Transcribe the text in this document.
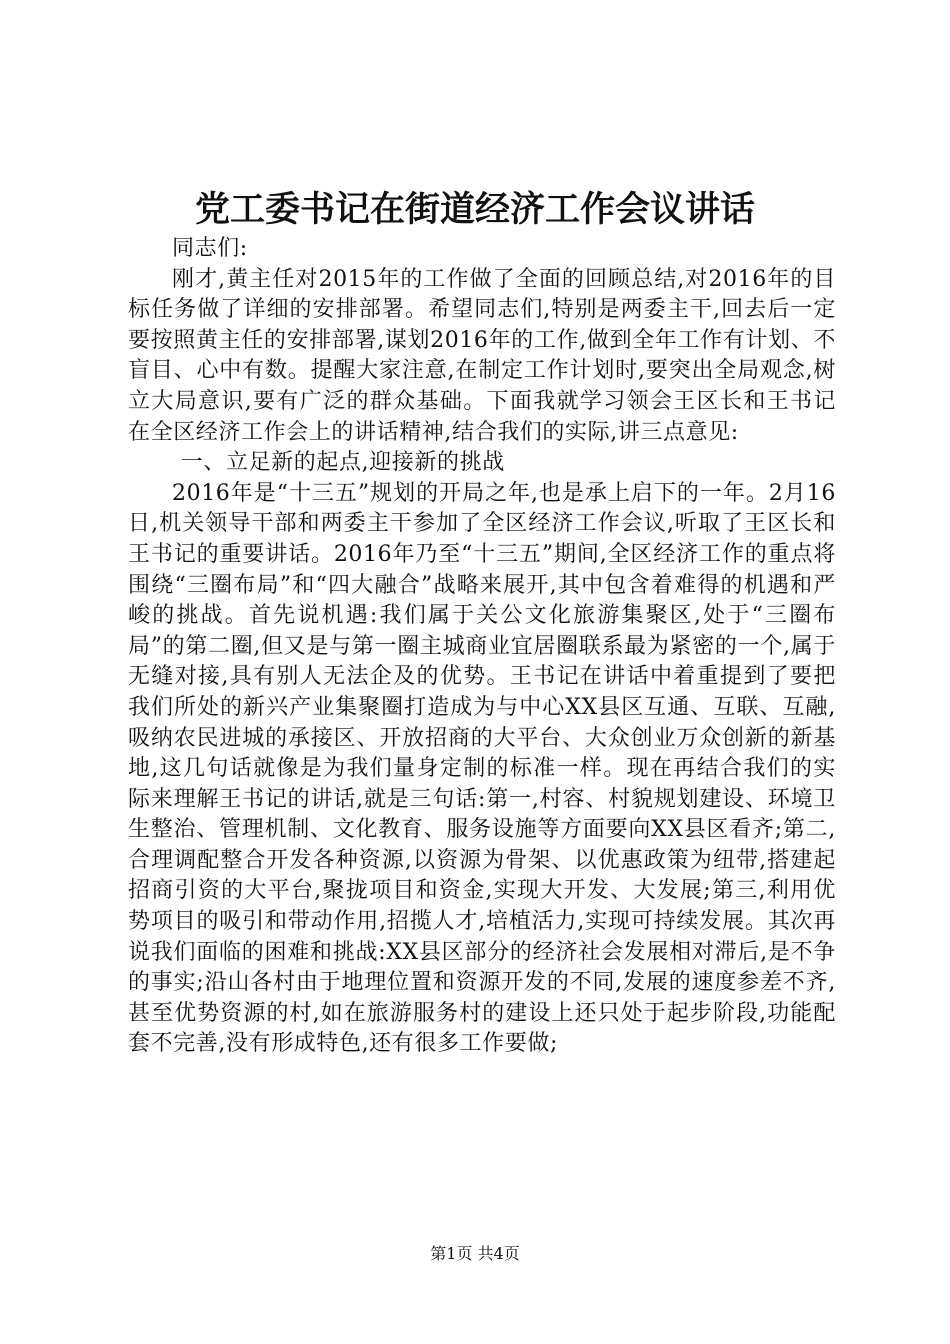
党工委书记在街道经济工作会议讲话

同志们:

刚才,黄主任对2015年的工作做了全面的回顾总结,对2016年的目标任务做了详细的安排部署。希望同志们,特别是两委主干,回去后一定要按照黄主任的安排部署,谋划2016年的工作,做到全年工作有计划、不盲目、心中有数。提醒大家注意,在制定工作计划时,要突出全局观念,树立大局意识,要有广泛的群众基础。下面我就学习领会王区长和王书记在全区经济工作会上的讲话精神,结合我们的实际,讲三点意见:

一、立足新的起点,迎接新的挑战

2016年是“十三五”规划的开局之年,也是承上启下的一年。2月16日,机关领导干部和两委主干参加了全区经济工作会议,听取了王区长和王书记的重要讲话。2016年乃至“十三五”期间,全区经济工作的重点将围绕“三圈布局”和“四大融合”战略来展开,其中包含着难得的机遇和严峻的挑战。首先说机遇:我们属于关公文化旅游集聚区,处于“三圈布局”的第二圈,但又是与第一圈主城商业宜居圈联系最为紧密的一个,属于无缝对接,具有别人无法企及的优势。王书记在讲话中着重提到了要把我们所处的新兴产业集聚圈打造成为与中心XX县区互通、互联、互融,吸纳农民进城的承接区、开放招商的大平台、大众创业万众创新的新基地,这几句话就像是为我们量身定制的标准一样。现在再结合我们的实际来理解王书记的讲话,就是三句话:第一,村容、村貌规划建设、环境卫生整治、管理机制、文化教育、服务设施等方面要向XX县区看齐;第二,合理调配整合开发各种资源,以资源为骨架、以优惠政策为纽带,搭建起招商引资的大平台,聚拢项目和资金,实现大开发、大发展;第三,利用优势项目的吸引和带动作用,招揽人才,培植活力,实现可持续发展。其次再说我们面临的困难和挑战:XX县区部分的经济社会发展相对滞后,是不争的事实;沿山各村由于地理位置和资源开发的不同,发展的速度参差不齐,甚至优势资源的村,如在旅游服务村的建设上还只处于起步阶段,功能配套不完善,没有形成特色,还有很多工作要做;

第1页 共4页
